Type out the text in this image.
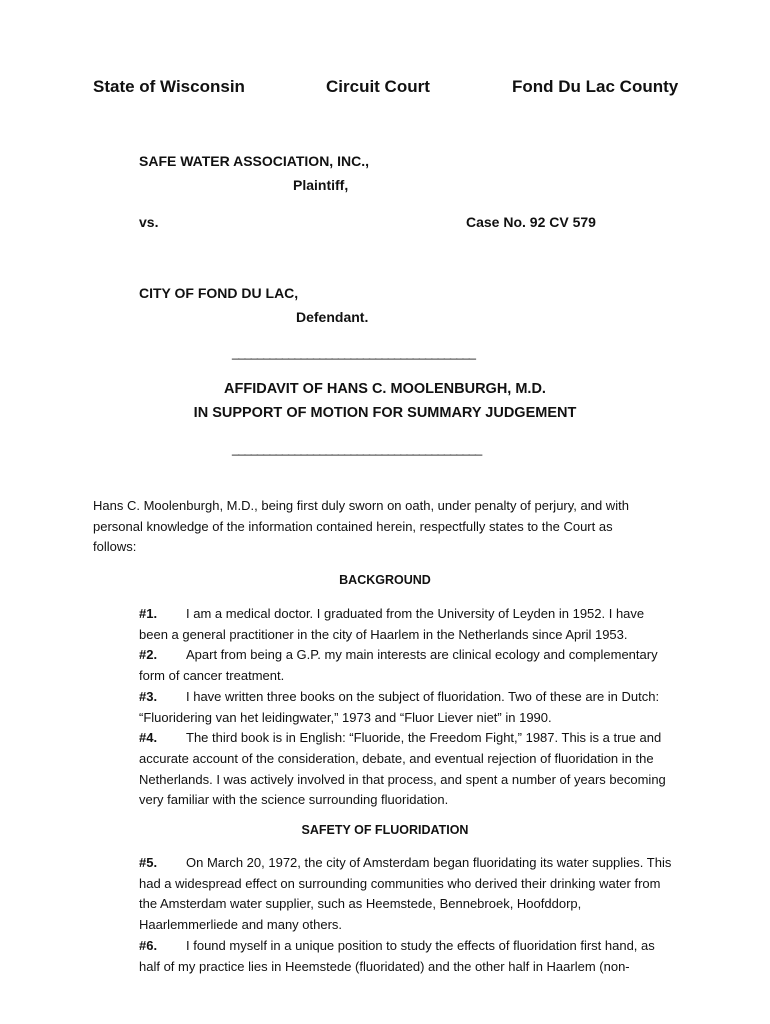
State of Wisconsin	Circuit Court	Fond Du Lac County
SAFE WATER ASSOCIATION, INC.,
Plaintiff,
vs.	Case No. 92 CV 579
CITY OF FOND DU LAC,
Defendant.
_______________________________________
AFFIDAVIT OF HANS C. MOOLENBURGH, M.D.
IN SUPPORT OF MOTION FOR SUMMARY JUDGEMENT
________________________________________
Hans C. Moolenburgh, M.D., being first duly sworn on oath, under penalty of perjury, and with
personal knowledge of the information contained herein, respectfully states to the Court as
follows:
BACKGROUND
#1. I am a medical doctor. I graduated from the University of Leyden in 1952. I have
been a general practitioner in the city of Haarlem in the Netherlands since April 1953.
#2. Apart from being a G.P. my main interests are clinical ecology and complementary
form of cancer treatment.
#3. I have written three books on the subject of fluoridation. Two of these are in Dutch:
“Fluoridering van het leidingwater,” 1973 and “Fluor Liever niet” in 1990.
#4. The third book is in English: “Fluoride, the Freedom Fight,” 1987. This is a true and
accurate account of the consideration, debate, and eventual rejection of fluoridation in the
Netherlands. I was actively involved in that process, and spent a number of years becoming
very familiar with the science surrounding fluoridation.
SAFETY OF FLUORIDATION
#5. On March 20, 1972, the city of Amsterdam began fluoridating its water supplies. This
had a widespread effect on surrounding communities who derived their drinking water from
the Amsterdam water supplier, such as Heemstede, Bennebroek, Hoofddorp,
Haarlemmerliede and many others.
#6. I found myself in a unique position to study the effects of fluoridation first hand, as
half of my practice lies in Heemstede (fluoridated) and the other half in Haarlem (non-
